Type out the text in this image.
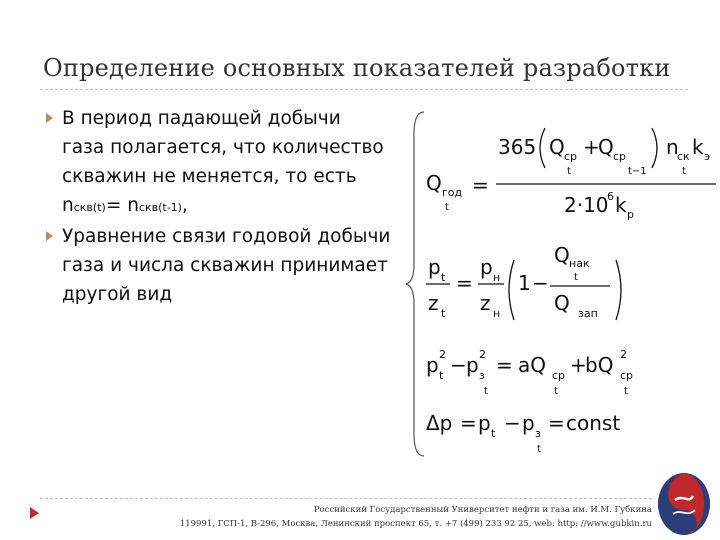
Определение основных показателей разработки
В период падающей добычи
газа полагается, что количество
скважин не меняется, то есть
nскв(t)= nскв(t-1),
Уравнение связи годовой добычи
газа и числа скважин принимает
другой вид
Q год
t
=
365 Q ср
t
+
Q ср
t−1
n
ск k э
t
2·10
6 k р
p t
z t
=
p н
z н
1 −
Q нак
t
Q зап
p 2
t − p 2
з
t
= aQ ср
t
+
bQ 2
ср
t
Δp = p t − p з
t
= const
Российский Государственный Университет нефти и газа им. И.М. Губкина
119991, ГСП-1, В-296, Москва, Ленинский проспект 65, т. +7 (499) 233 92 25, web: http: //www.gubkin.ru
